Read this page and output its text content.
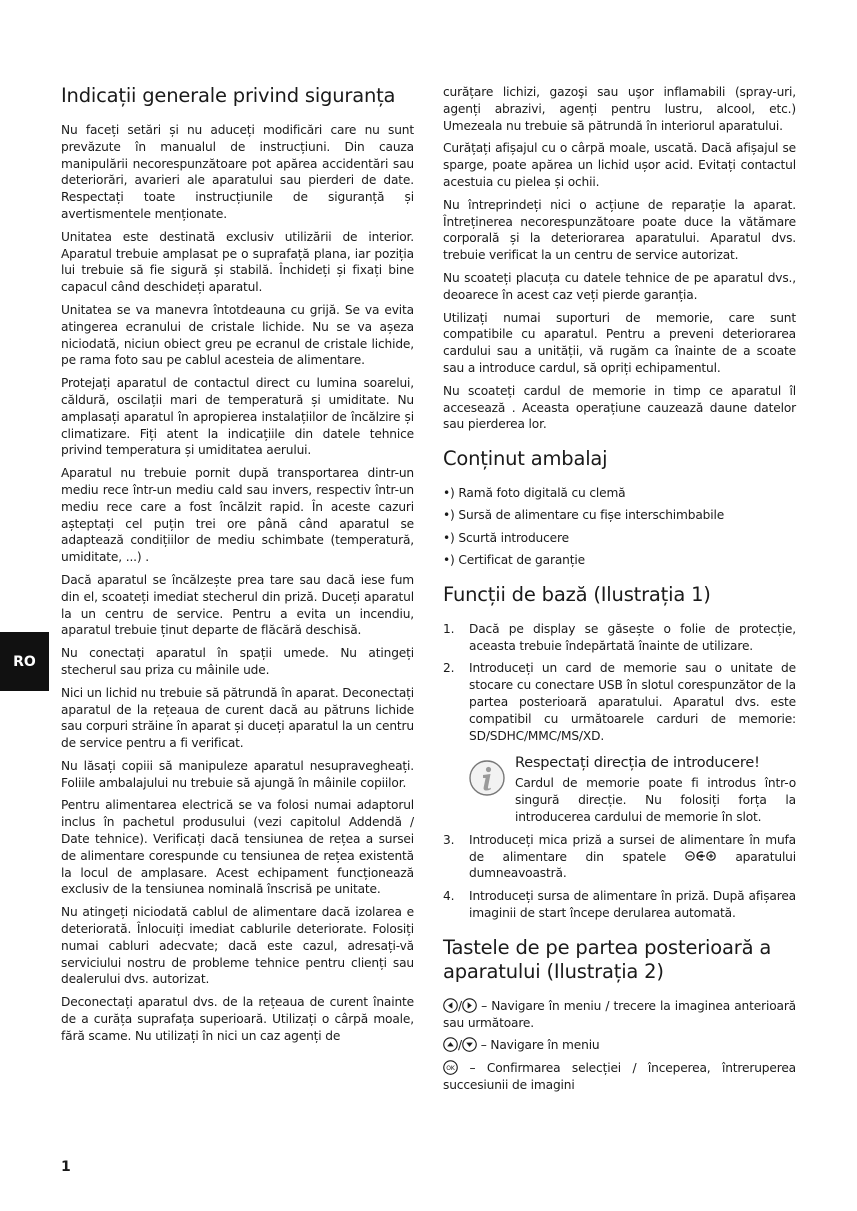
Indicații generale privind siguranța

Nu faceți setări și nu aduceți modificări care nu sunt prevăzute în manualul de instrucțiuni. Din cauza manipulării necorespunzătoare pot apărea accidentări sau deteriorări, avarieri ale aparatului sau pierderi de date. Respectați toate instrucțiunile de siguranță și avertismentele menționate.

Unitatea este destinată exclusiv utilizării de interior. Aparatul trebuie amplasat pe o suprafață plana, iar poziția lui trebuie să fie sigură și stabilă. Închideți și fixați bine capacul când deschideți aparatul.

Unitatea se va manevra întotdeauna cu grijă. Se va evita atingerea ecranului de cristale lichide. Nu se va așeza niciodată, niciun obiect greu pe ecranul de cristale lichide, pe rama foto sau pe cablul acesteia de alimentare.

Protejați aparatul de contactul direct cu lumina soarelui, căldură, oscilații mari de temperatură și umiditate. Nu amplasați aparatul în apropierea instalațiilor de încălzire și climatizare. Fiți atent la indicațiile din datele tehnice privind temperatura și umiditatea aerului.

Aparatul nu trebuie pornit după transportarea dintr-un mediu rece într-un mediu cald sau invers, respectiv într-un mediu rece care a fost încălzit rapid. În aceste cazuri așteptați cel puțin trei ore până când aparatul se adaptează condițiilor de mediu schimbate (temperatură, umiditate, ...) .

Dacă aparatul se încălzește prea tare sau dacă iese fum din el, scoateți imediat stecherul din priză. Duceți aparatul la un centru de service. Pentru a evita un incendiu, aparatul trebuie ținut departe de flăcără deschisă.

Nu conectați aparatul în spații umede. Nu atingeți stecherul sau priza cu mâinile ude.

Nici un lichid nu trebuie să pătrundă în aparat. Deconectați aparatul de la rețeaua de curent dacă au pătruns lichide sau corpuri străine în aparat și duceți aparatul la un centru de service pentru a fi verificat.

Nu lăsați copiii să manipuleze aparatul nesupravegheați. Foliile ambalajului nu trebuie să ajungă în mâinile copiilor.

Pentru alimentarea electrică se va folosi numai adaptorul inclus în pachetul produsului (vezi capitolul Addendă / Date tehnice). Verificați dacă tensiunea de rețea a sursei de alimentare corespunde cu tensiunea de rețea existentă la locul de amplasare. Acest echipament funcționează exclusiv de la tensiunea nominală înscrisă pe unitate.

Nu atingeți niciodată cablul de alimentare dacă izolarea e deteriorată. Înlocuiți imediat cablurile deteriorate. Folosiți numai cabluri adecvate; dacă este cazul, adresați-vă serviciului nostru de probleme tehnice pentru clienți sau dealerului dvs. autorizat.

Deconectați aparatul dvs. de la rețeaua de curent înainte de a curăța suprafața superioară. Utilizați o cârpă moale, fără scame. Nu utilizați în nici un caz agenți de

curățare lichizi, gazoşi sau uşor inflamabili (spray-uri, agenți abrazivi, agenți pentru lustru, alcool, etc.) Umezeala nu trebuie să pătrundă în interiorul aparatului.

Curățați afișajul cu o cârpă moale, uscată. Dacă afișajul se sparge, poate apărea un lichid ușor acid. Evitați contactul acestuia cu pielea și ochii.

Nu întreprindeți nici o acțiune de reparație la aparat. Întreținerea necorespunzătoare poate duce la vătămare corporală și la deteriorarea aparatului. Aparatul dvs. trebuie verificat la un centru de service autorizat.

Nu scoateți placuța cu datele tehnice de pe aparatul dvs., deoarece în acest caz veți pierde garanția.

Utilizați numai suporturi de memorie, care sunt compatibile cu aparatul. Pentru a preveni deteriorarea cardului sau a unității, vă rugăm ca înainte de a scoate sau a introduce cardul, să opriți echipamentul.

Nu scoateți cardul de memorie in timp ce aparatul îl accesează . Aceasta operațiune cauzează daune datelor sau pierderea lor.

Conținut ambalaj
•) Ramă foto digitală cu clemă
•) Sursă de alimentare cu fișe interschimbabile
•) Scurtă introducere
•) Certificat de garanție
Funcții de bază (Ilustrația 1)
1. Dacă pe display se găsește o folie de protecție, aceasta trebuie îndepărtată înainte de utilizare.
2. Introduceți un card de memorie sau o unitate de stocare cu conectare USB în slotul corespunzător de la partea posterioară aparatului. Aparatul dvs. este compatibil cu următoarele carduri de memorie: SD/SDHC/MMC/MS/XD.
Respectați direcția de introducere!
Cardul de memorie poate fi introdus într-o singură direcție. Nu folosiți forța la introducerea cardului de memorie în slot.
3. Introduceți mica priză a sursei de alimentare în mufa de alimentare din spatele	aparatului dumneavoastră.
4. Introduceți sursa de alimentare în priză. După afișarea imaginii de start începe derularea automată.
Tastele de pe partea posterioară a aparatului (Ilustrația 2)
/ – Navigare în meniu / trecere la imaginea anterioară sau următoare.
/ – Navigare în meniu
OK – Confirmarea selecției / începerea, întreruperea succesiunii de imagini
RO
1
